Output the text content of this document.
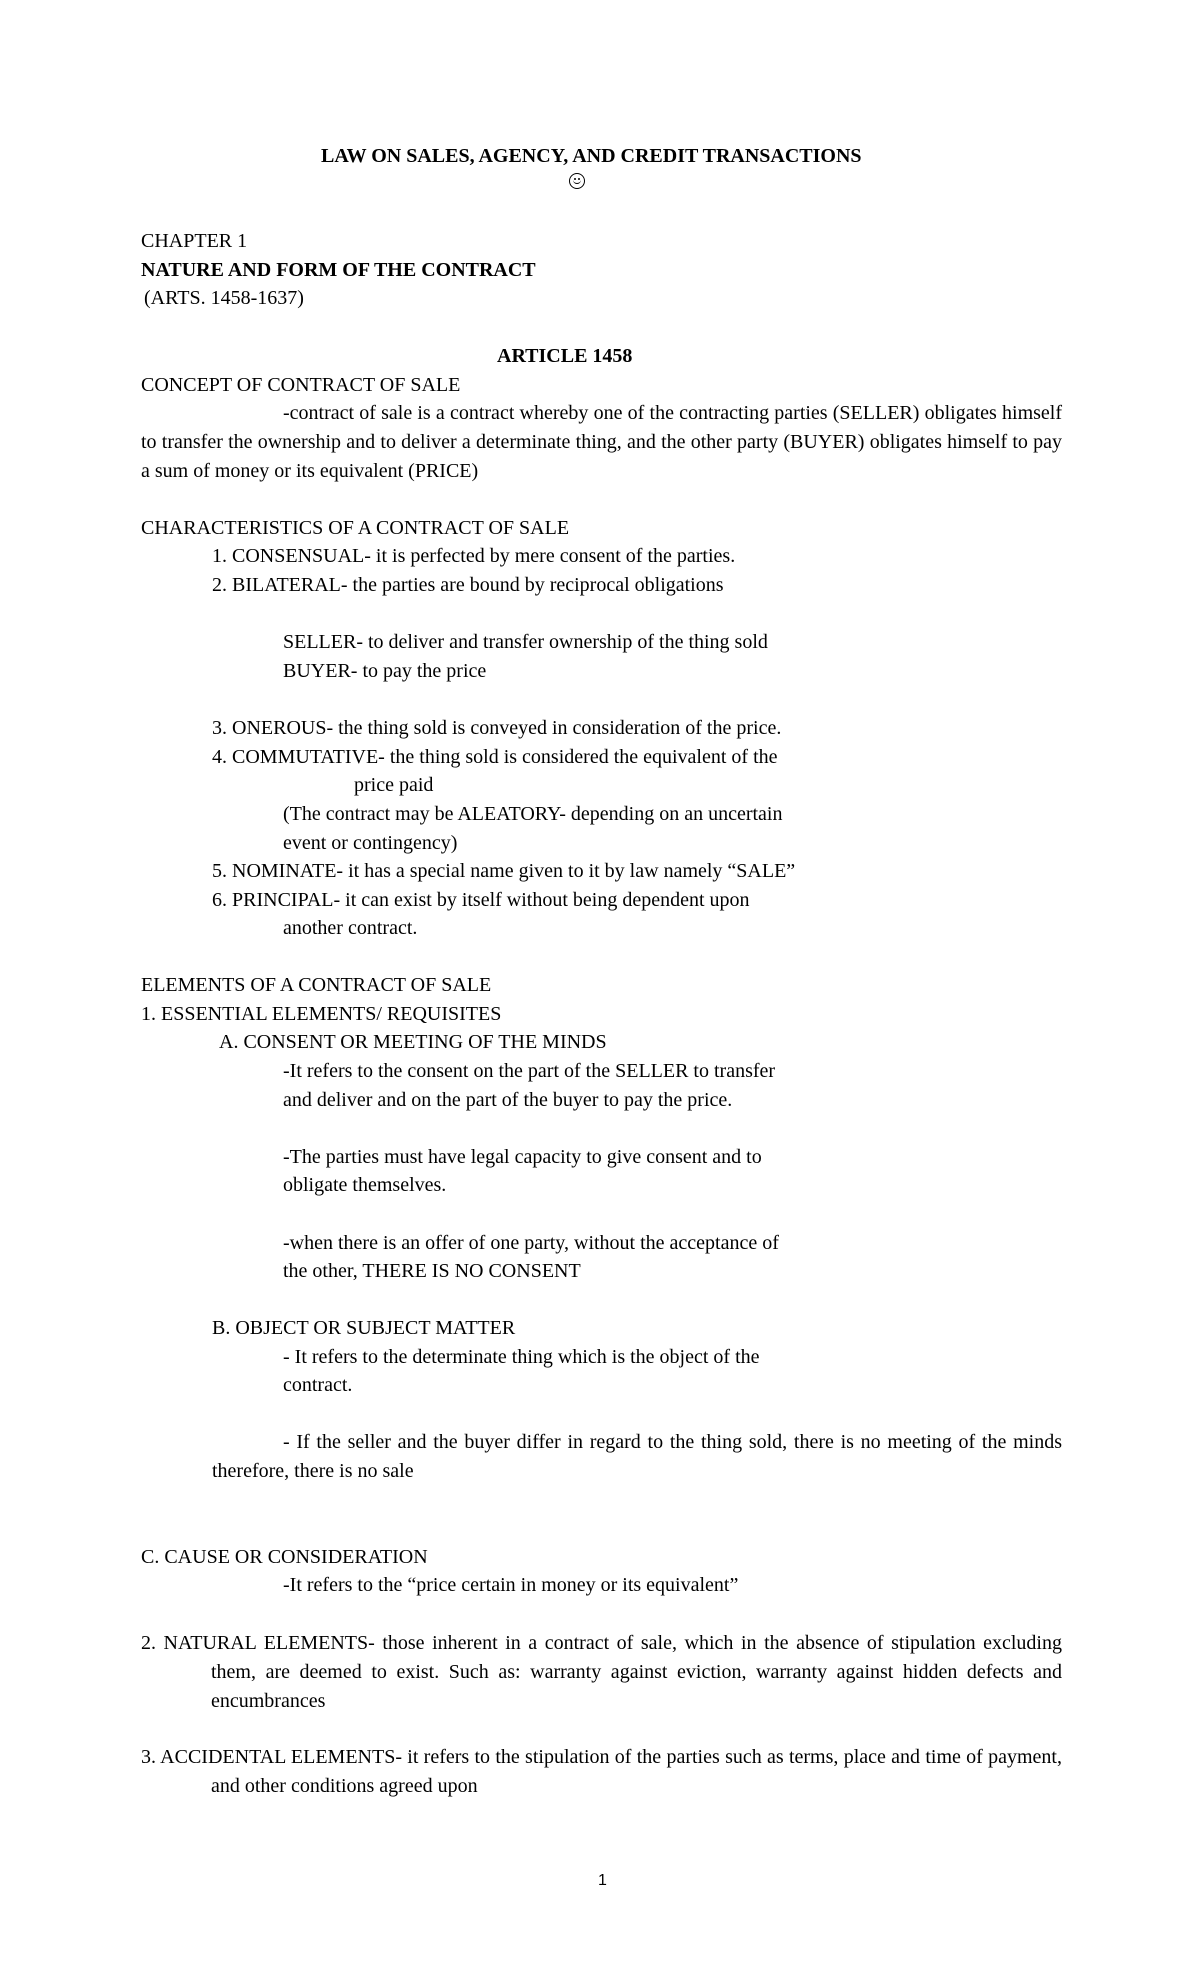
LAW ON SALES, AGENCY, AND CREDIT TRANSACTIONS
CHAPTER 1
NATURE AND FORM OF THE CONTRACT
(ARTS. 1458-1637)
ARTICLE 1458
CONCEPT OF CONTRACT OF SALE
-contract of sale is a contract whereby one of the contracting parties (SELLER) obligates himself to transfer the ownership and to deliver a determinate thing, and the other party (BUYER) obligates himself to pay a sum of money or its equivalent (PRICE)
CHARACTERISTICS OF A CONTRACT OF SALE
1. CONSENSUAL- it is perfected by mere consent of the parties.
2. BILATERAL- the parties are bound by reciprocal obligations
SELLER- to deliver and transfer ownership of the thing sold
BUYER- to pay the price
3. ONEROUS- the thing sold is conveyed in consideration of the price.
4. COMMUTATIVE- the thing sold is considered the equivalent of the
price paid
(The contract may be ALEATORY- depending on an uncertain
event or contingency)
5. NOMINATE- it has a special name given to it by law namely “SALE”
6. PRINCIPAL- it can exist by itself without being dependent upon
another contract.
ELEMENTS OF A CONTRACT OF SALE
1. ESSENTIAL ELEMENTS/ REQUISITES
A. CONSENT OR MEETING OF THE MINDS
-It refers to the consent on the part of the SELLER to transfer
and deliver and on the part of the buyer to pay the price.
-The parties must have legal capacity to give consent and to
obligate themselves.
-when there is an offer of one party, without the acceptance of
the other, THERE IS NO CONSENT
B. OBJECT OR SUBJECT MATTER
- It refers to the determinate thing which is the object of the
contract.
- If the seller and the buyer differ in regard to the thing sold, there is no meeting of the minds therefore, there is no sale
C. CAUSE OR CONSIDERATION
-It refers to the “price certain in money or its equivalent”
2. NATURAL ELEMENTS- those inherent in a contract of sale, which in the absence of stipulation excluding them, are deemed to exist. Such as: warranty against eviction, warranty against hidden defects and encumbrances
3. ACCIDENTAL ELEMENTS- it refers to the stipulation of the parties such as terms, place and time of payment, and other conditions agreed upon
1
